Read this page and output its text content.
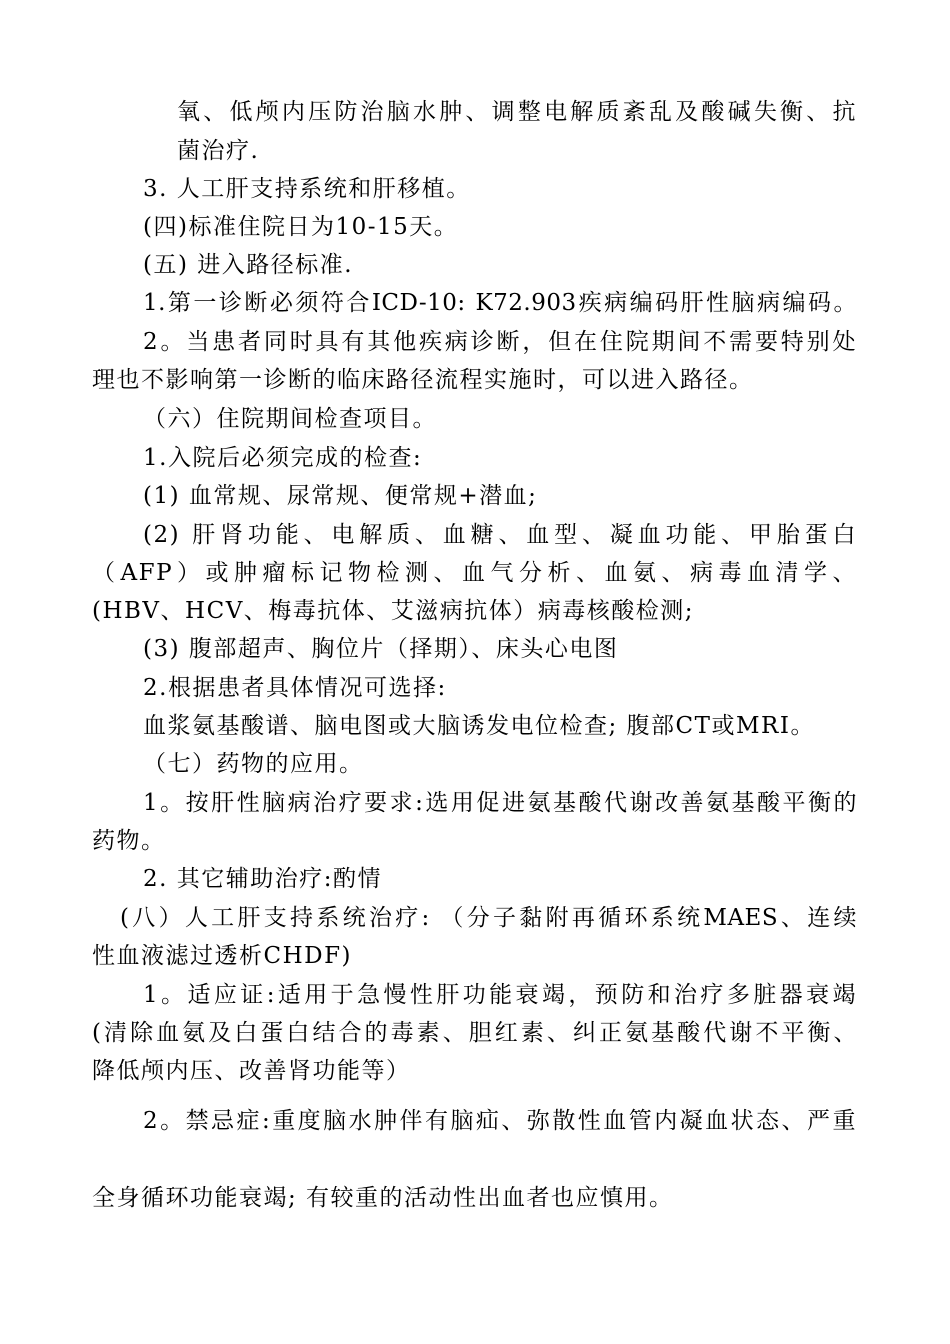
氧、低颅内压防治脑水肿、调整电解质紊乱及酸碱失衡、抗
菌治疗.
3. 人工肝支持系统和肝移植。
(四)标准住院日为10-15天。
(五) 进入路径标准.
1.第一诊断必须符合ICD-10: K72.903疾病编码肝性脑病编码。
2。当患者同时具有其他疾病诊断，但在住院期间不需要特别处
理也不影响第一诊断的临床路径流程实施时，可以进入路径。
（六）住院期间检查项目。
1.入院后必须完成的检查:
(1) 血常规、尿常规、便常规+潜血;
(2) 肝肾功能、电解质、血糖、血型、凝血功能、甲胎蛋白
（AFP）或肿瘤标记物检测、血气分析、血氨、病毒血清学、
(HBV、HCV、梅毒抗体、艾滋病抗体）病毒核酸检测;
(3) 腹部超声、胸位片（择期）、床头心电图
2.根据患者具体情况可选择:
血浆氨基酸谱、脑电图或大脑诱发电位检查; 腹部CT或MRI。
（七）药物的应用。
1。按肝性脑病治疗要求:选用促进氨基酸代谢改善氨基酸平衡的
药物。
2. 其它辅助治疗:酌情
(八）人工肝支持系统治疗: （分子黏附再循环系统MAES、连续
性血液滤过透析CHDF)
1。适应证:适用于急慢性肝功能衰竭，预防和治疗多脏器衰竭
(清除血氨及白蛋白结合的毒素、胆红素、纠正氨基酸代谢不平衡、
降低颅内压、改善肾功能等）
2。禁忌症:重度脑水肿伴有脑疝、弥散性血管内凝血状态、严重
全身循环功能衰竭; 有较重的活动性出血者也应慎用。
